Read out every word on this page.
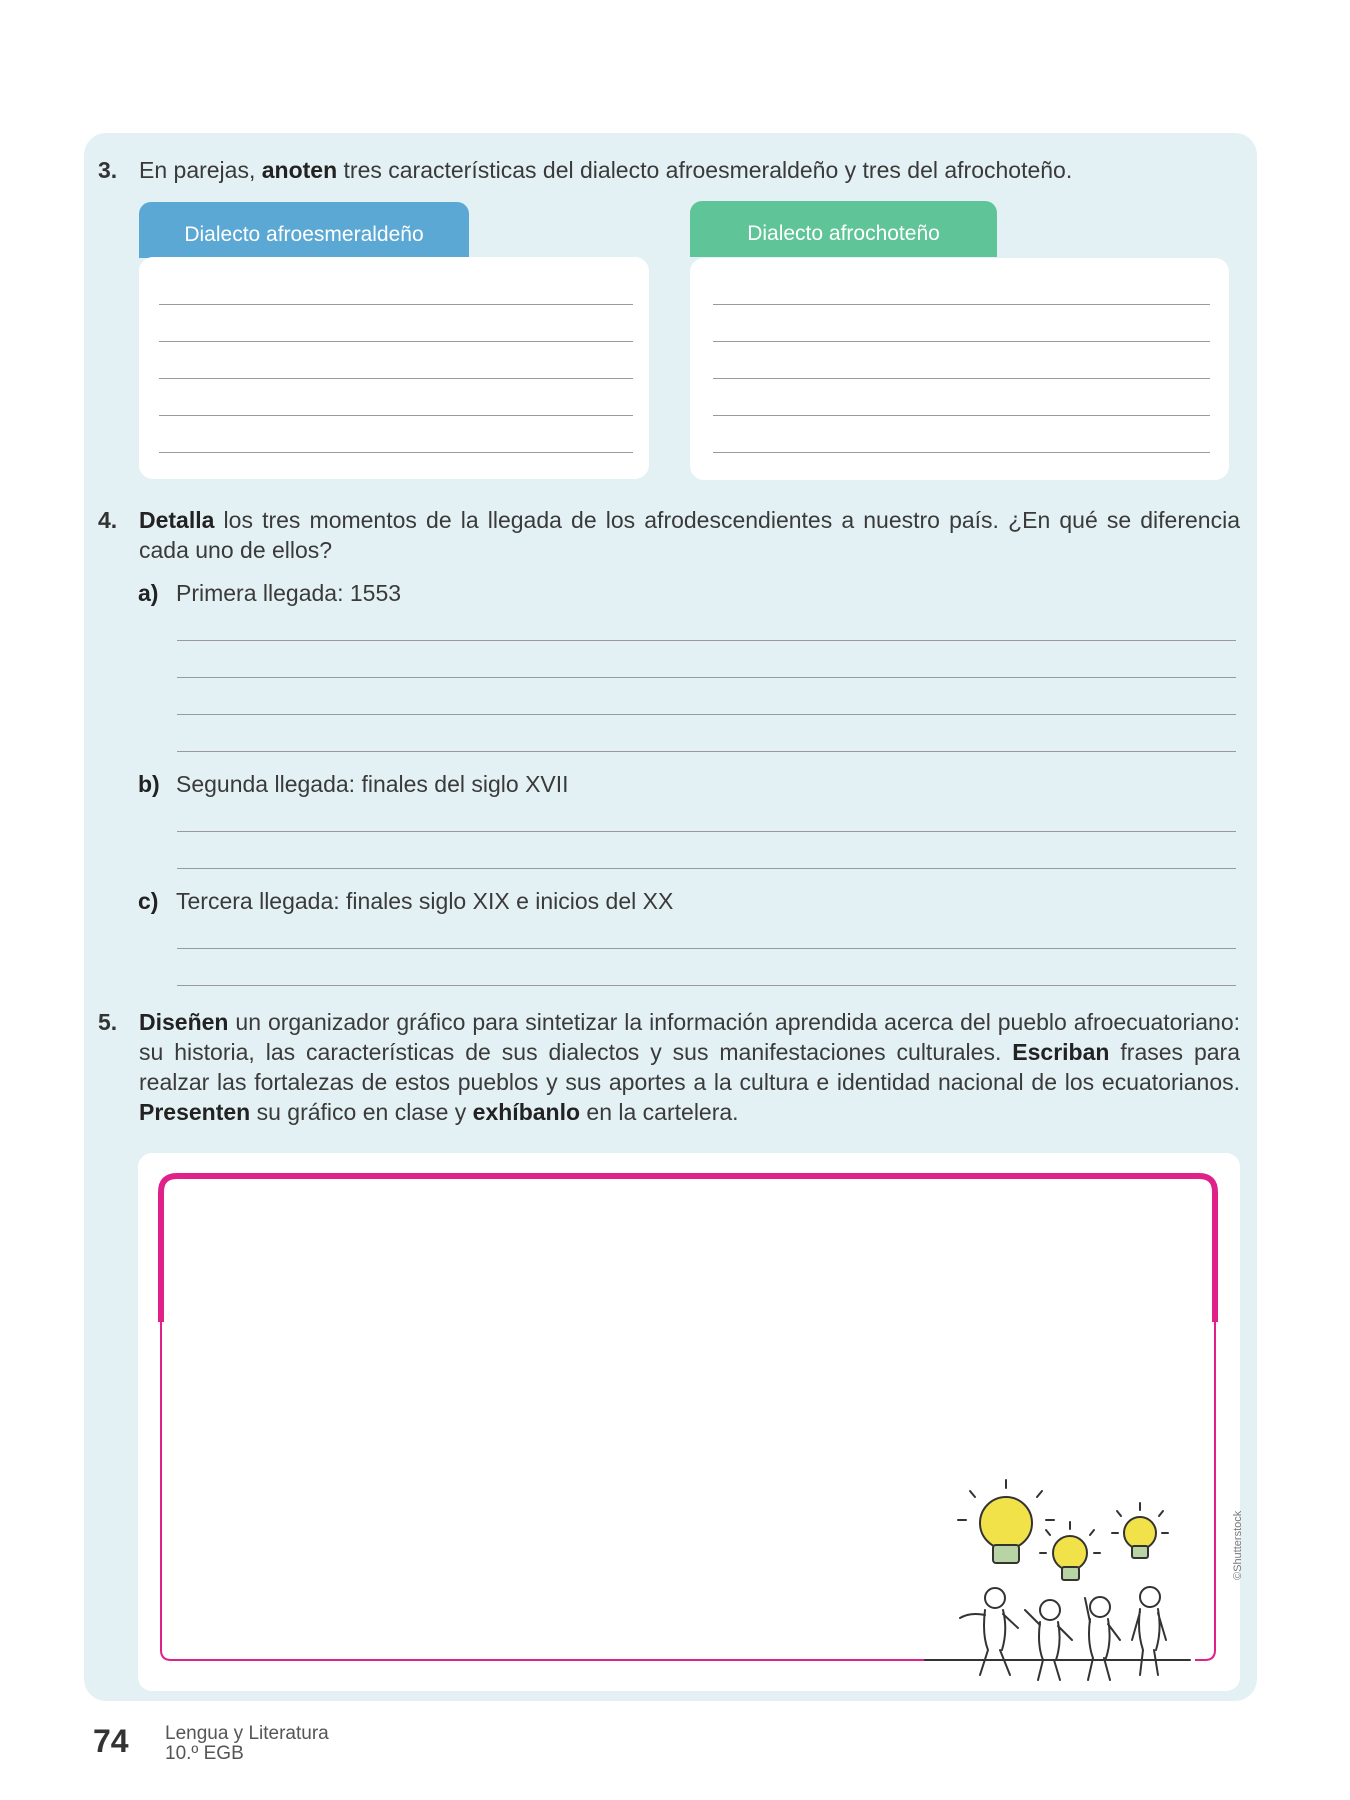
3. En parejas, anoten tres características del dialecto afroesmeraldeño y tres del afrochoteño.
Dialecto afroesmeraldeño	Dialecto afrochoteño
4. Detalla los tres momentos de la llegada de los afrodescendientes a nuestro país. ¿En qué se diferencia cada uno de ellos?
a) Primera llegada: 1553
b) Segunda llegada: finales del siglo XVII
c) Tercera llegada: finales siglo XIX e inicios del XX
5. Diseñen un organizador gráfico para sintetizar la información aprendida acerca del pueblo afroecuatoriano: su historia, las características de sus dialectos y sus manifestaciones culturales. Escriban frases para realzar las fortalezas de estos pueblos y sus aportes a la cultura e identidad nacional de los ecuatorianos. Presenten su gráfico en clase y exhíbanlo en la cartelera.
©Shutterstock
74 Lengua y Literatura
10.º EGB
